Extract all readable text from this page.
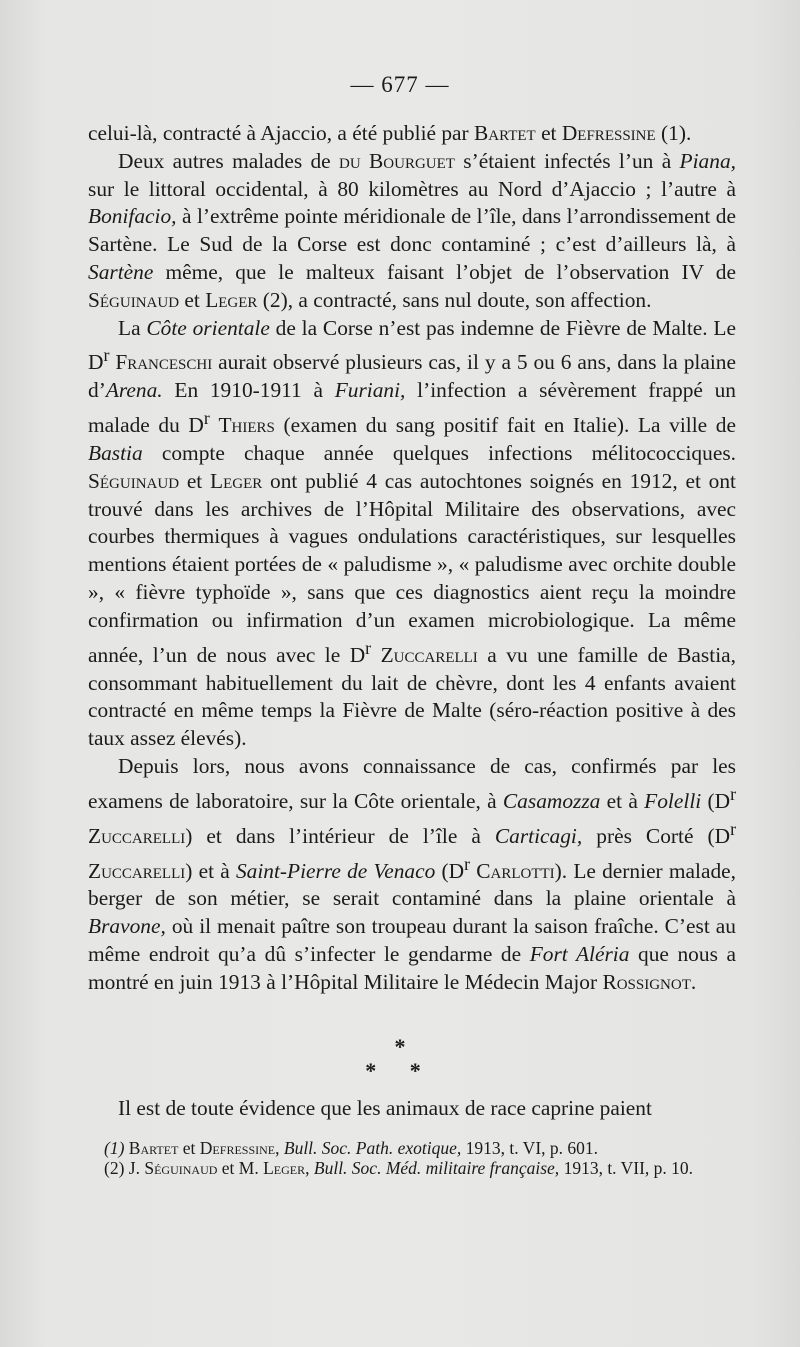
— 677 —

celui-là, contracté à Ajaccio, a été publié par Bartet et Defressine (1).

Deux autres malades de du Bourguet s’étaient infectés l’un à Piana, sur le littoral occidental, à 80 kilomètres au Nord d’Ajaccio ; l’autre à Bonifacio, à l’extrême pointe méridionale de l’île, dans l’arrondissement de Sartène. Le Sud de la Corse est donc contaminé ; c’est d’ailleurs là, à Sartène même, que le malteux faisant l’objet de l’observation IV de Séguinaud et Leger (2), a contracté, sans nul doute, son affection.

La Côte orientale de la Corse n’est pas indemne de Fièvre de Malte. Le $D^r$ Franceschi aurait observé plusieurs cas, il y a 5 ou 6 ans, dans la plaine d’Arena. En 1910-1911 à Furiani, l’infection a sévèrement frappé un malade du $D^r$ Thiers (examen du sang positif fait en Italie). La ville de Bastia compte chaque année quelques infections mélitococciques. Séguinaud et Leger ont publié 4 cas autochtones soignés en 1912, et ont trouvé dans les archives de l’Hôpital Militaire des observations, avec courbes thermiques à vagues ondulations caractéristiques, sur lesquelles mentions étaient portées de « paludisme », « paludisme avec orchite double », « fièvre typhoïde », sans que ces diagnostics aient reçu la moindre confirmation ou infirmation d’un examen microbiologique. La même année, l’un de nous avec le $D^r$ Zuccarelli a vu une famille de Bastia, consommant habituellement du lait de chèvre, dont les 4 enfants avaient contracté en même temps la Fièvre de Malte (séro-réaction positive à des taux assez élevés).

Depuis lors, nous avons connaissance de cas, confirmés par les examens de laboratoire, sur la Côte orientale, à Casamozza et à Folelli ($D^r$ Zuccarelli) et dans l’intérieur de l’île à Carticagi, près Corté ($D^r$ Zuccarelli) et à Saint-Pierre de Venaco ($D^r$ Carlotti). Le dernier malade, berger de son métier, se serait contaminé dans la plaine orientale à Bravone, où il menait paître son troupeau durant la saison fraîche. C’est au même endroit qu’a dû s’infecter le gendarme de Fort Aléria que nous a montré en juin 1913 à l’Hôpital Militaire le Médecin Major Rossignot.

*
* *
Il est de toute évidence que les animaux de race caprine paient

(1) Bartet et Defressine, Bull. Soc. Path. exotique, 1913, t. VI, p. 601.

(2) J. Séguinaud et M. Leger, Bull. Soc. Méd. militaire française, 1913, t. VII, p. 10.
